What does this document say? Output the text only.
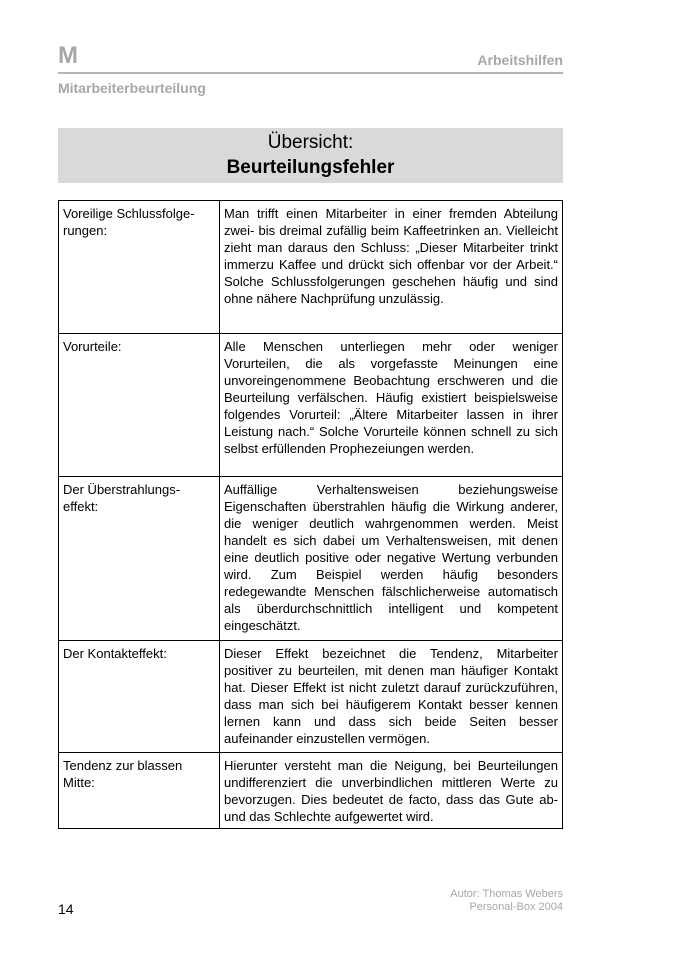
M	Arbeitshilfen
Mitarbeiterbeurteilung
Übersicht:
Beurteilungsfehler
Voreilige Schlussfolge-rungen:	Man trifft einen Mitarbeiter in einer fremden Abteilung zwei- bis dreimal zufällig beim Kaffeetrinken an. Vielleicht zieht man daraus den Schluss: „Dieser Mitarbeiter trinkt immerzu Kaffee und drückt sich offenbar vor der Arbeit.“ Solche Schlussfolgerungen geschehen häufig und sind ohne nähere Nachprüfung unzulässig.
Vorurteile:	Alle Menschen unterliegen mehr oder weniger Vorurteilen, die als vorgefasste Meinungen eine unvoreingenommene Beobachtung erschweren und die Beurteilung verfälschen. Häufig existiert beispielsweise folgendes Vorurteil: „Ältere Mitarbeiter lassen in ihrer Leistung nach.“ Solche Vorurteile können schnell zu sich selbst erfüllenden Prophezeiungen werden.
Der Überstrahlungs-effekt:	Auffällige Verhaltensweisen beziehungsweise Eigenschaften überstrahlen häufig die Wirkung anderer, die weniger deutlich wahrgenommen werden. Meist handelt es sich dabei um Verhaltensweisen, mit denen eine deutlich positive oder negative Wertung verbunden wird. Zum Beispiel werden häufig besonders redegewandte Menschen fälschlicherweise automatisch als überdurchschnittlich intelligent und kompetent eingeschätzt.
Der Kontakteffekt:	Dieser Effekt bezeichnet die Tendenz, Mitarbeiter positiver zu beurteilen, mit denen man häufiger Kontakt hat. Dieser Effekt ist nicht zuletzt darauf zurückzuführen, dass man sich bei häufigerem Kontakt besser kennen lernen kann und dass sich beide Seiten besser aufeinander einzustellen vermögen.
Tendenz zur blassen Mitte:	Hierunter versteht man die Neigung, bei Beurteilungen undifferenziert die unverbindlichen mittleren Werte zu bevorzugen. Dies bedeutet de facto, dass das Gute ab- und das Schlechte aufgewertet wird.
14
Autor: Thomas Webers
Personal-Box 2004
